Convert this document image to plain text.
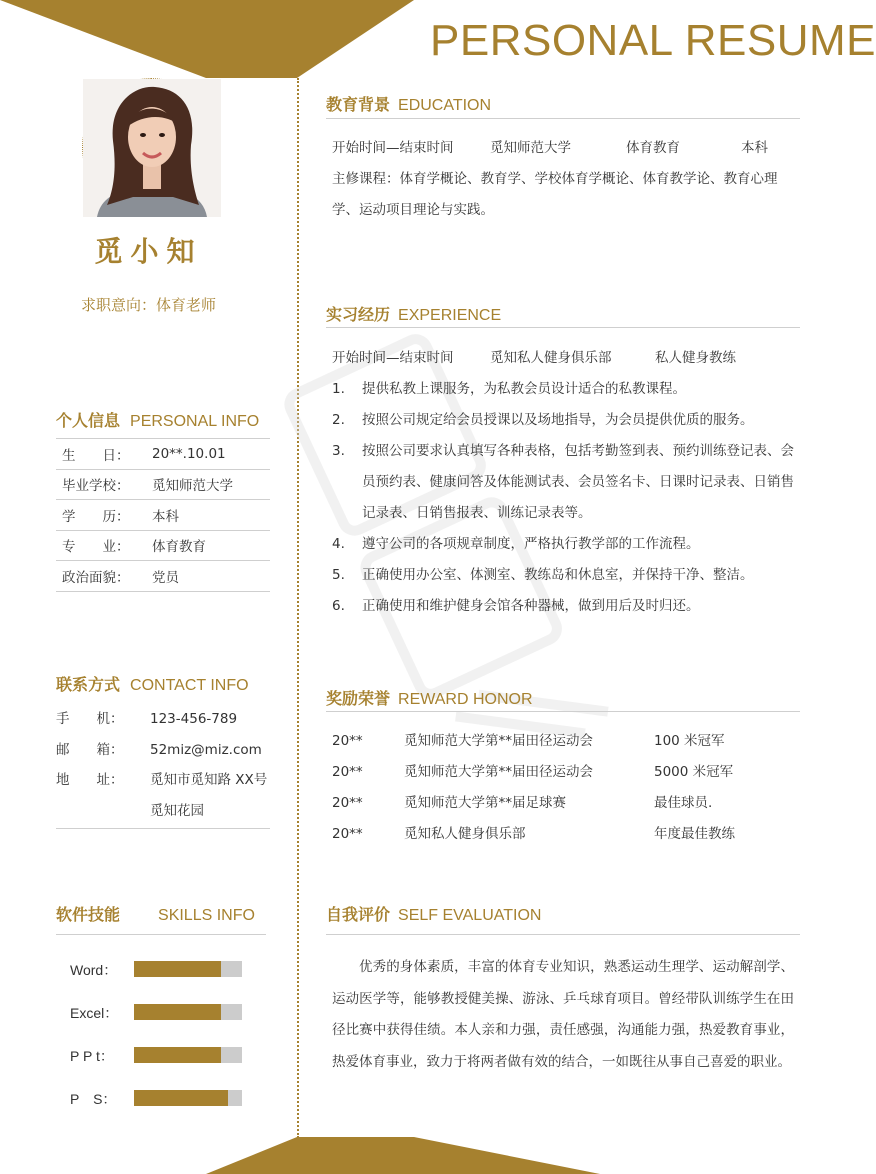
PERSONAL RESUME
觅小知
求职意向：体育老师
个人信息 PERSONAL INFO
生　　日：	20**.10.01
毕业学校：	觅知师范大学
学　　历：	本科
专　　业：	体育教育
政治面貌：	党员
联系方式 CONTACT INFO
手　　机：	123-456-789
邮　　箱：	52miz@miz.com
地　　址：	觅知市觅知路 XX号觅知花园
软件技能 SKILLS INFO
Word：
Excel：
P P t：
P　S：
教育背景 EDUCATION
开始时间—结束时间	觅知师范大学	体育教育	本科
主修课程：体育学概论、教育学、学校体育学概论、体育教学论、教育心理学、运动项目理论与实践。
实习经历 EXPERIENCE
开始时间—结束时间	觅知私人健身俱乐部	私人健身教练
1.	提供私教上课服务，为私教会员设计适合的私教课程。
2.	按照公司规定给会员授课以及场地指导，为会员提供优质的服务。
3.	按照公司要求认真填写各种表格，包括考勤签到表、预约训练登记表、会员预约表、健康问答及体能测试表、会员签名卡、日课时记录表、日销售记录表、日销售报表、训练记录表等。
4.	遵守公司的各项规章制度，严格执行教学部的工作流程。
5.	正确使用办公室、体测室、教练岛和休息室，并保持干净、整洁。
6.	正确使用和维护健身会馆各种器械，做到用后及时归还。
奖励荣誉 REWARD HONOR
20**	觅知师范大学第**届田径运动会	100 米冠军
20**	觅知师范大学第**届田径运动会	5000 米冠军
20**	觅知师范大学第**届足球赛	最佳球员.
20**	觅知私人健身俱乐部	年度最佳教练
自我评价 SELF EVALUATION
优秀的身体素质，丰富的体育专业知识，熟悉运动生理学、运动解剖学、运动医学等，能够教授健美操、游泳、乒乓球育项目。曾经带队训练学生在田径比赛中获得佳绩。本人亲和力强，责任感强，沟通能力强，热爱教育事业，热爱体育事业，致力于将两者做有效的结合，一如既往从事自己喜爱的职业。
